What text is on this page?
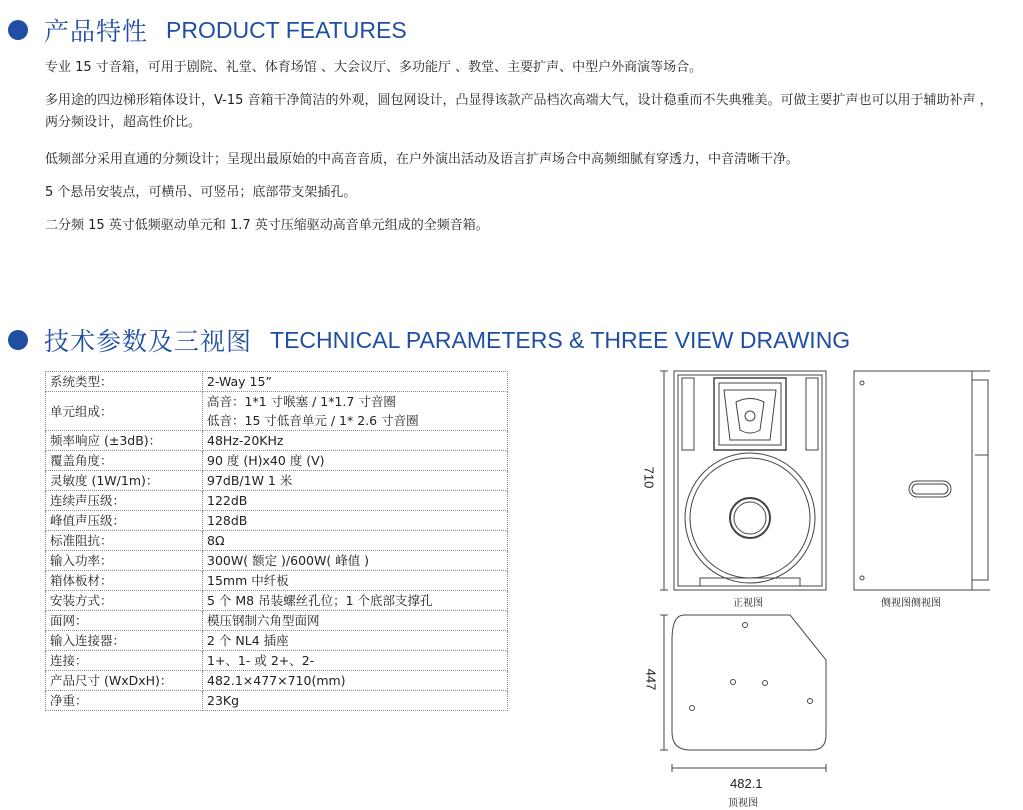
产品特性 PRODUCT FEATURES
专业 15 寸音箱，可用于剧院、礼堂、体育场馆 、大会议厅、多功能厅 、教堂、主要扩声、中型户外商演等场合。
多用途的四边梯形箱体设计，V-15 音箱干净简洁的外观，圆包网设计，凸显得该款产品档次高端大气，设计稳重而不失典雅美。可做主要扩声也可以用于辅助补声 ，两分频设计，超高性价比。
低频部分采用直通的分频设计；呈现出最原始的中高音音质，在户外演出活动及语言扩声场合中高频细腻有穿透力，中音清晰干净。
5 个悬吊安装点，可横吊、可竖吊；底部带支架插孔。
二分频 15 英寸低频驱动单元和 1.7 英寸压缩驱动高音单元组成的全频音箱。
技术参数及三视图 TECHNICAL PARAMETERS & THREE VIEW DRAWING
系统类型：	2-Way 15”
单元组成：	高音：1*1 寸喉塞 / 1*1.7 寸音圈
低音：15 寸低音单元 / 1* 2.6 寸音圈

频率响应 (±3dB)：	48Hz-20KHz
覆盖角度：	90 度 (H)x40 度 (V)
灵敏度 (1W/1m)：	97dB/1W 1 米
连续声压级：	122dB
峰值声压级：	128dB
标准阻抗：	8Ω
输入功率：	300W( 额定 )/600W( 峰值 )
箱体板材：	15mm 中纤板
安装方式：	5 个 M8 吊装螺丝孔位；1 个底部支撑孔
面网：	模压钢制六角型面网
输入连接器：	2 个 NL4 插座
连接：	1+、1- 或 2+、2-
产品尺寸 (WxDxH)：	482.1×477×710(mm)
净重：	23Kg
710
447
482.1
正视图	侧视图侧视图
顶视图
